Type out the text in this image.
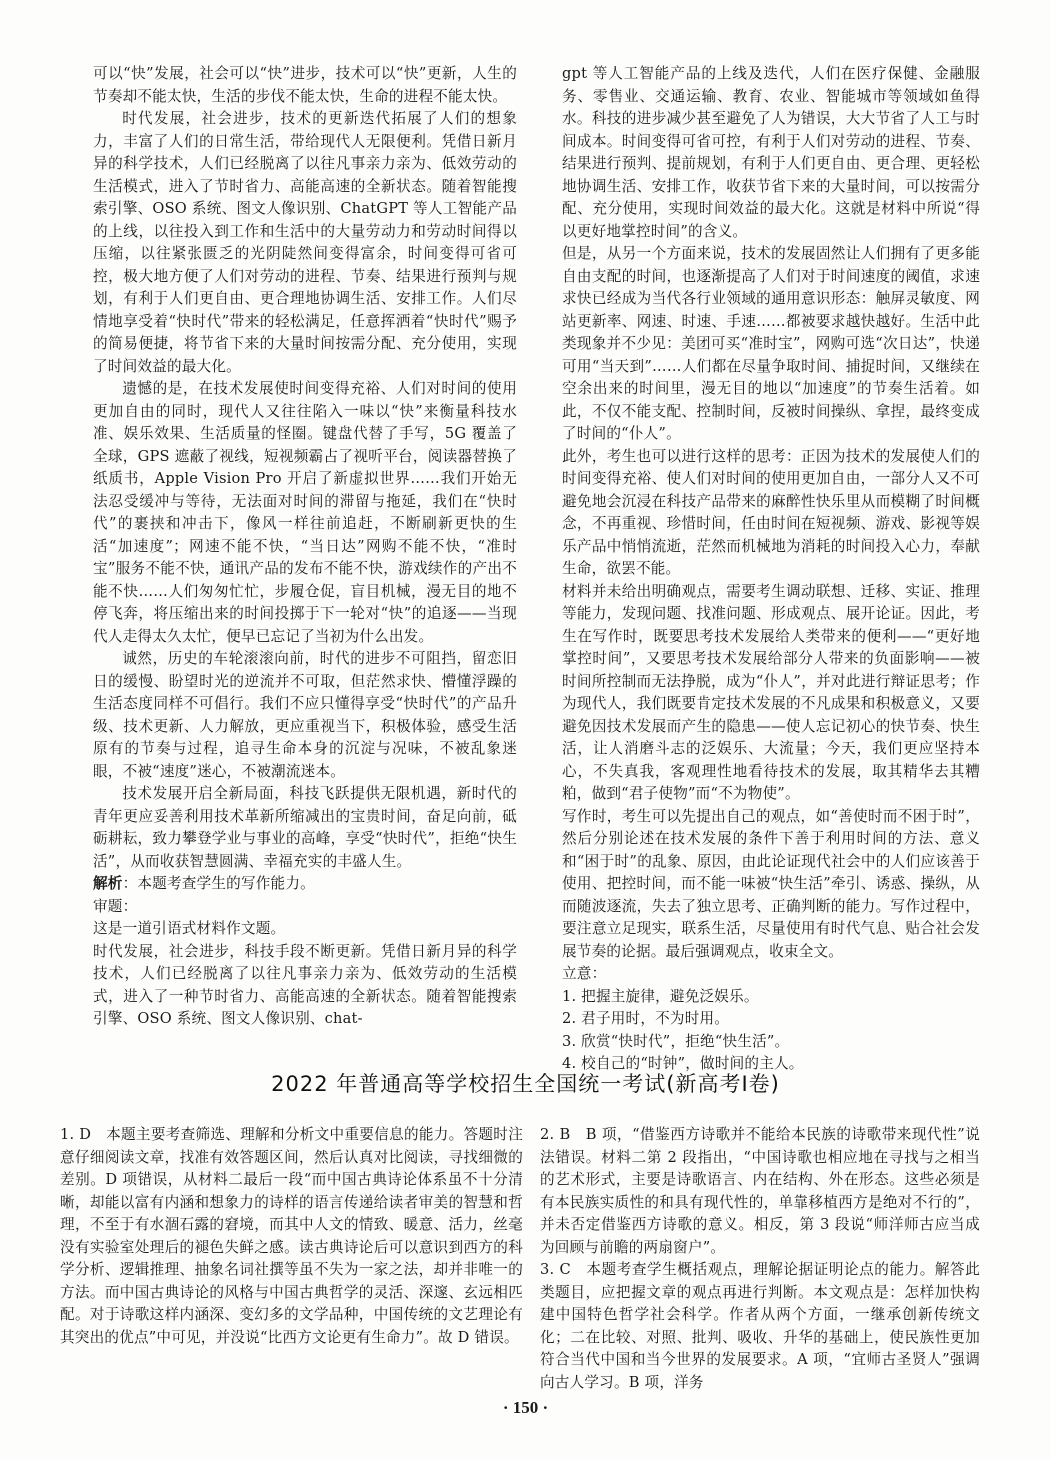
可以“快”发展，社会可以“快”进步，技术可以“快”更新，人生的节奏却不能太快，生活的步伐不能太快，生命的进程不能太快。

时代发展，社会进步，技术的更新迭代拓展了人们的想象力，丰富了人们的日常生活，带给现代人无限便利。凭借日新月异的科学技术，人们已经脱离了以往凡事亲力亲为、低效劳动的生活模式，进入了节时省力、高能高速的全新状态。随着智能搜索引擎、OSO 系统、图文人像识别、ChatGPT 等人工智能产品的上线，以往投入到工作和生活中的大量劳动力和劳动时间得以压缩，以往紧张匮乏的光阴陡然间变得富余，时间变得可省可控，极大地方便了人们对劳动的进程、节奏、结果进行预判与规划，有利于人们更自由、更合理地协调生活、安排工作。人们尽情地享受着“快时代”带来的轻松满足，任意挥洒着“快时代”赐予的简易便捷，将节省下来的大量时间按需分配、充分使用，实现了时间效益的最大化。

遗憾的是，在技术发展使时间变得充裕、人们对时间的使用更加自由的同时，现代人又往往陷入一味以“快”来衡量科技水准、娱乐效果、生活质量的怪圈。键盘代替了手写，5G 覆盖了全球，GPS 遮蔽了视线，短视频霸占了视听平台，阅读器替换了纸质书，Apple Vision Pro 开启了新虚拟世界……我们开始无法忍受缓冲与等待，无法面对时间的滞留与拖延，我们在“快时代”的裹挟和冲击下，像风一样往前追赶，不断刷新更快的生活“加速度”；网速不能不快，“当日达”网购不能不快，“准时宝”服务不能不快，通讯产品的发布不能不快，游戏续作的产出不能不快……人们匆匆忙忙，步履仓促，盲目机械，漫无目的地不停飞奔，将压缩出来的时间投掷于下一轮对“快”的追逐——当现代人走得太久太忙，便早已忘记了当初为什么出发。

诚然，历史的车轮滚滚向前，时代的进步不可阻挡，留恋旧日的缓慢、盼望时光的逆流并不可取，但茫然求快、懵懂浮躁的生活态度同样不可倡行。我们不应只懂得享受“快时代”的产品升级、技术更新、人力解放，更应重视当下，积极体验，感受生活原有的节奏与过程，追寻生命本身的沉淀与况味，不被乱象迷眼，不被“速度”迷心，不被潮流迷本。

技术发展开启全新局面，科技飞跃提供无限机遇，新时代的青年更应妥善利用技术革新所缩减出的宝贵时间，奋足向前，砥砺耕耘，致力攀登学业与事业的高峰，享受“快时代”，拒绝“快生活”，从而收获智慧圆满、幸福充实的丰盛人生。

解析：本题考查学生的写作能力。

审题：

这是一道引语式材料作文题。

时代发展，社会进步，科技手段不断更新。凭借日新月异的科学技术，人们已经脱离了以往凡事亲力亲为、低效劳动的生活模式，进入了一种节时省力、高能高速的全新状态。随着智能搜索引擎、OSO 系统、图文人像识别、chat-

gpt 等人工智能产品的上线及迭代，人们在医疗保健、金融服务、零售业、交通运输、教育、农业、智能城市等领域如鱼得水。科技的进步减少甚至避免了人为错误，大大节省了人工与时间成本。时间变得可省可控，有利于人们对劳动的进程、节奏、结果进行预判、提前规划，有利于人们更自由、更合理、更轻松地协调生活、安排工作，收获节省下来的大量时间，可以按需分配、充分使用，实现时间效益的最大化。这就是材料中所说“得以更好地掌控时间”的含义。

但是，从另一个方面来说，技术的发展固然让人们拥有了更多能自由支配的时间，也逐渐提高了人们对于时间速度的阈值，求速求快已经成为当代各行业领域的通用意识形态：触屏灵敏度、网站更新率、网速、时速、手速……都被要求越快越好。生活中此类现象并不少见：美团可买“准时宝”，网购可选“次日达”，快递可用“当天到”……人们都在尽量争取时间、捕捉时间，又继续在空余出来的时间里，漫无目的地以“加速度”的节奏生活着。如此，不仅不能支配、控制时间，反被时间操纵、拿捏，最终变成了时间的“仆人”。

此外，考生也可以进行这样的思考：正因为技术的发展使人们的时间变得充裕、使人们对时间的使用更加自由，一部分人又不可避免地会沉浸在科技产品带来的麻醉性快乐里从而模糊了时间概念，不再重视、珍惜时间，任由时间在短视频、游戏、影视等娱乐产品中悄悄流逝，茫然而机械地为消耗的时间投入心力，奉献生命，欲罢不能。

材料并未给出明确观点，需要考生调动联想、迁移、实证、推理等能力，发现问题、找准问题、形成观点、展开论证。因此，考生在写作时，既要思考技术发展给人类带来的便利——“更好地掌控时间”，又要思考技术发展给部分人带来的负面影响——被时间所控制而无法挣脱，成为“仆人”，并对此进行辩证思考；作为现代人，我们既要肯定技术发展的不凡成果和积极意义，又要避免因技术发展而产生的隐患——使人忘记初心的快节奏、快生活，让人消磨斗志的泛娱乐、大流量；今天，我们更应坚持本心，不失真我，客观理性地看待技术的发展，取其精华去其糟粕，做到“君子使物”而“不为物使”。

写作时，考生可以先提出自己的观点，如“善使时而不困于时”，然后分别论述在技术发展的条件下善于利用时间的方法、意义和“困于时”的乱象、原因，由此论证现代社会中的人们应该善于使用、把控时间，而不能一味被“快生活”牵引、诱惑、操纵，从而随波逐流，失去了独立思考、正确判断的能力。写作过程中，要注意立足现实，联系生活，尽量使用有时代气息、贴合社会发展节奏的论据。最后强调观点，收束全文。

立意：

1. 把握主旋律，避免泛娱乐。

2. 君子用时，不为时用。

3. 欣赏“快时代”，拒绝“快生活”。

4. 校自己的“时钟”，做时间的主人。

2022 年普通高等学校招生全国统一考试(新高考Ⅰ卷)

1. D　本题主要考查筛选、理解和分析文中重要信息的能力。答题时注意仔细阅读文章，找准有效答题区间，然后认真对比阅读，寻找细微的差别。D 项错误，从材料二最后一段“而中国古典诗论体系虽不十分清晰，却能以富有内涵和想象力的诗样的语言传递给读者审美的智慧和哲理，不至于有水涸石露的窘境，而其中人文的情致、暖意、活力，丝毫没有实验室处理后的褪色失鲜之感。读古典诗论后可以意识到西方的科学分析、逻辑推理、抽象名词社撰等虽不失为一家之法，却并非唯一的方法。而中国古典诗论的风格与中国古典哲学的灵活、深邃、玄远相匹配。对于诗歌这样内涵深、变幻多的文学品种，中国传统的文艺理论有其突出的优点”中可见，并没说“比西方文论更有生命力”。故 D 错误。

2. B　B 项，“借鉴西方诗歌并不能给本民族的诗歌带来现代性”说法错误。材料二第 2 段指出，“中国诗歌也相应地在寻找与之相当的艺术形式，主要是诗歌语言、内在结构、外在形态。这些必须是有本民族实质性的和具有现代性的，单靠移植西方是绝对不行的”，并未否定借鉴西方诗歌的意义。相反，第 3 段说“师洋师古应当成为回顾与前瞻的两扇窗户”。

3. C　本题考查学生概括观点，理解论据证明论点的能力。解答此类题目，应把握文章的观点再进行判断。本文观点是：怎样加快构建中国特色哲学社会科学。作者从两个方面，一继承创新传统文化；二在比较、对照、批判、吸收、升华的基础上，使民族性更加符合当代中国和当今世界的发展要求。A 项，“宜师古圣贤人”强调向古人学习。B 项，洋务

· 150 ·
